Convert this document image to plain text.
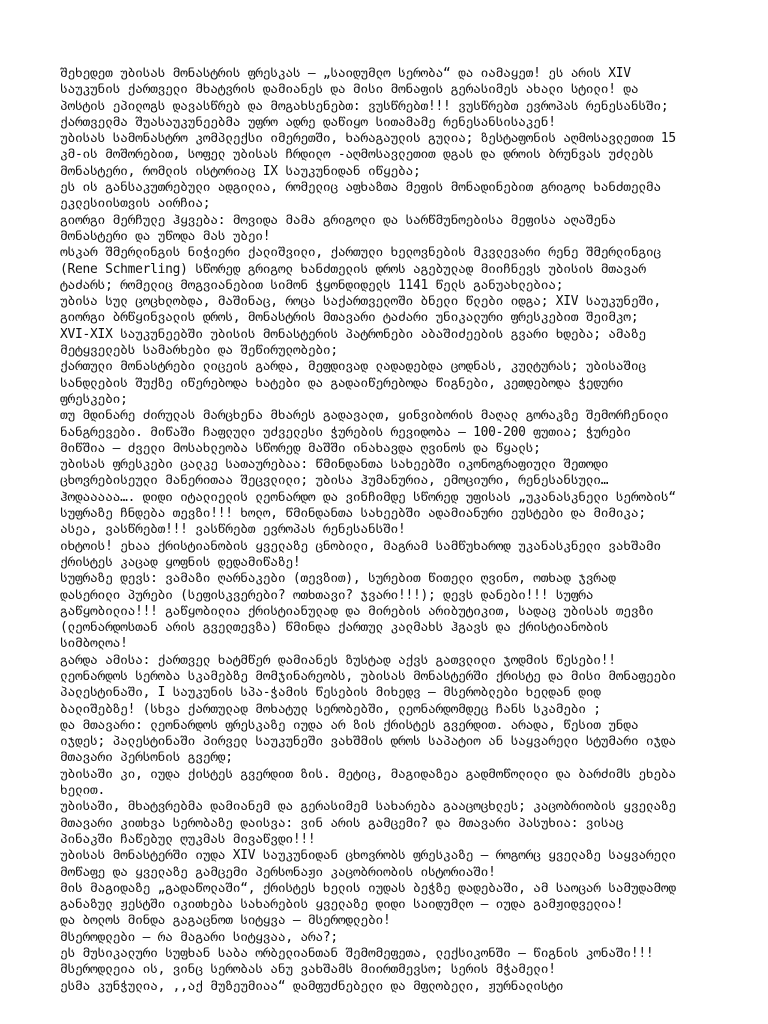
შეხედეთ უბისას მონასტრის ფრესკას – „საიდუმლო სერობა“ და იამაყეთ! ეს არის XIV
საუკუნის ქართველი მხატვრის დამიანეს და მისი მონაფის გერასიმეს ახალი სტილი! და
პოსტის ეპილოგს დავასწრებ და მოგახსენებთ: ვუსწრებთ!!! ვუსწრებთ ევროპას რენესანსში;
ქართველმა შუასაუკუნეებმა უფრო ადრე დაწიყო სითამამე რენესანსისაკენ!
უბისას სამონასტრო კომპლექსი იმერეთში, ხარაგაულის გულია; ზესტაფონის აღმოსავლეთით 15
კმ-ის მოშორებით, სოფელ უბისას ჩრდილო -აღმოსავლეთით დგას და დროის ბრუნვას უძლებს
მონასტერი, რომლის ისტორიაც IX საუკუნიდან იწყება;
ეს ის განსაკუთრებული ადგილია, რომელიც აფხაზთა მეფის მონადინებით გრიგოლ ხანძთელმა
ეკლესიისთვის აირჩია;
გიორგი მერჩულე ჰყვება: მოვიდა მამა გრიგოლი და სარწმუნოებისა მეფისა აღაშენა
მონასტერი და უწოდა მას უბეი!
ოსკარ შმერლინგის ნიჭიერი ქალიშვილი, ქართული ხელოვნების მკვლევარი რენე შმერლინგიც
(Rene Schmerling) სწორედ გრიგოლ ხანძთელის დროს აგებულად მიიჩნევს უბისის მთავარ
ტაძარს; რომელიც მოგვიანებით სიმონ ჭყონდიდელს 1141 წელს განუახლებია;
უბისა სულ ცოცხლობდა, მაშინაც, როცა საქართველოში ბნელი წლები იდგა; XIV საუკუნეში,
გიორგი ბრწყინვალის დროს, მონასტრის მთავარი ტაძარი უნიკალური ფრესკებით შეიმკო;
XVI-XIX საუკუნეებში უბისის მონასტერის პატრონები აბაშიძეების გვარი ხდება; ამაზე
მეტყველებს სამარხები და შეწირულობები;
ქართული მონასტრები ლიცეის გარდა, მეფდივად ლადადებდა ცოდნას, კულტურას; უბისაშიც
სანდლების შუქზე იწერებოდა ხატები და გადაიწერებოდა წიგნები, კეთდებოდა ჭედური
ფრესკები;
თუ მდინარე ძირულას მარცხენა მხარეს გადავალთ, ყინვიბორის მაღალ გორაკზე შემორჩენილი
ნანგრევები. მიწაში ჩაფლული უძველესი ჭურების რევიდობა – 100-200 ფუთია; ჭურები
მიწშია – ძველი მოსახლეობა სწორედ მაშში ინახავდა ღვინოს და წყალს;
უბისას ფრესკები ცალკე სათაურებაა: წმინდანთა სახეებში იკონოგრაფიული შეთოდი
ცხოვრებისეული მანერითაა შეცვლილი; უბისა ჰუმანურია, ემოციური, რენესანსული…
ჰოდააააა…. დიდი იტალიელის ლეონარდო და ვინჩიმდე სწორედ უფისას „უკანასკნელი სერობის“
სუფრაზე ჩნდება თევზი!!! ხოლო, წმინდანთა სახეებში ადამიანური ეუსტები და მიმიკა;
ასეა, ვასწრებთ!!! ვასწრებთ ევროპას რენესანსში!
იხტოის! ეხაა ქრისტიანობის ყველაზე ცნობილი, მაგრამ სამწუხაროდ უკანასკნელი ვახშამი
ქრისტეს კაცად ყოფნის დედამიწაზე!
სუფრაზე დევს: ვამაზი ღარნაკები (თევზით), სურებით წითელი ღვინო, ოთხად ჯვრად
დასერილი პურები (სეფისკვერები? ოთხთავი? ჯვარი!!!); დევს დანები!!! სუფრა
გაწყობილია!!! გაწყობილია ქრისტიანულად და მირების არიბუტიკით, სადაც უბისას თევზი
(ლეონარდოსთან არის გველთევზა) წმინდა ქართულ კალმახს ჰგავს და ქრისტიანობის
სიმბოლოა!
გარდა ამისა: ქართველ ხატმწერ დამიანეს ზუსტად აქვს გათვლილი ჯოდმის წესები!!
ლეონარდოს სერობა სკამებზე მომჯინარეობს, უბისას მონასტერში ქრისტე და მისი მონაფეები
პალესტინაში, I საუკუნის სპა-ჭამის წესების მიხედვ – მსერობლები ხელდან დიდ
ბალიშებზე! (სხვა ქართულად მოხატულ სერობებში, ლეონარდომდეც ჩანს სკამები ;
და მთავარი: ლეონარდოს ფრესკაზე იუდა არ ზის ქრისტეს გვერდით. არადა, წესით უნდა
იჯდეს; პალესტინაში პირველ საუკუნეში ვახშმის დროს საპატიო ან საყვარელი სტუმარი იჯდა
მთავარი პერსონის გვერდ;
უბისაში კი, იუდა ქისტეს გვერდით ზის. მეტიც, მაგიდაზეა გადმოწოლილი და ბარძიმს ეხება
ხელით.
უბისაში, მხატვრებმა დამიანემ და გერასიმემ სახარება გააცოცხლეს; კაცობრიობის ყველაზე
მთავარი კითხვა სერობაზე დაისვა: ვინ არის გამცემი? და მთავარი პასუხია: ვისაც
პინაკში ჩაწებულ ღუკმას მივაწვდი!!!
უბისას მონასტერში იუდა XIV საუკუნიდან ცხოვრობს ფრესკაზე – როგორც ყველაზე საყვარელი
მოწაფე და ყველაზე გამცემი პერსონაჟი კაცობრიობის ისტორიაში!
მის მაგიდაზე „გადაწოლაში“, ქრისტეს ხელის იუდას ბეჭზე დადებაში, ამ საოცარ სამუდამოდ
განაზულ ჟესტში იკითხება სახარების ყველაზე დიდი საიდუმლო – იუდა გამჟიდველია!
და ბოლოს მინდა გაგაცნოთ სიტყვა – მსეროდლები!
მსეროდლები – რა მაგარი სიტყვაა, არა?;
ეს მუსიკალური სუფხან საბა ორბელიანთან შემომეფეთა, ლექსიკონში – წიგნის კონაში!!!
მსეროდლეია ის, ვინც სერობას ანუ ვახშამს მიირთმევსო; სერის მჭამელი!
ესმა კუნჭულია, ,,აქ მუზეუმიაა“ დამფუძნებელი და მფლობელი, ჟურნალისტი
